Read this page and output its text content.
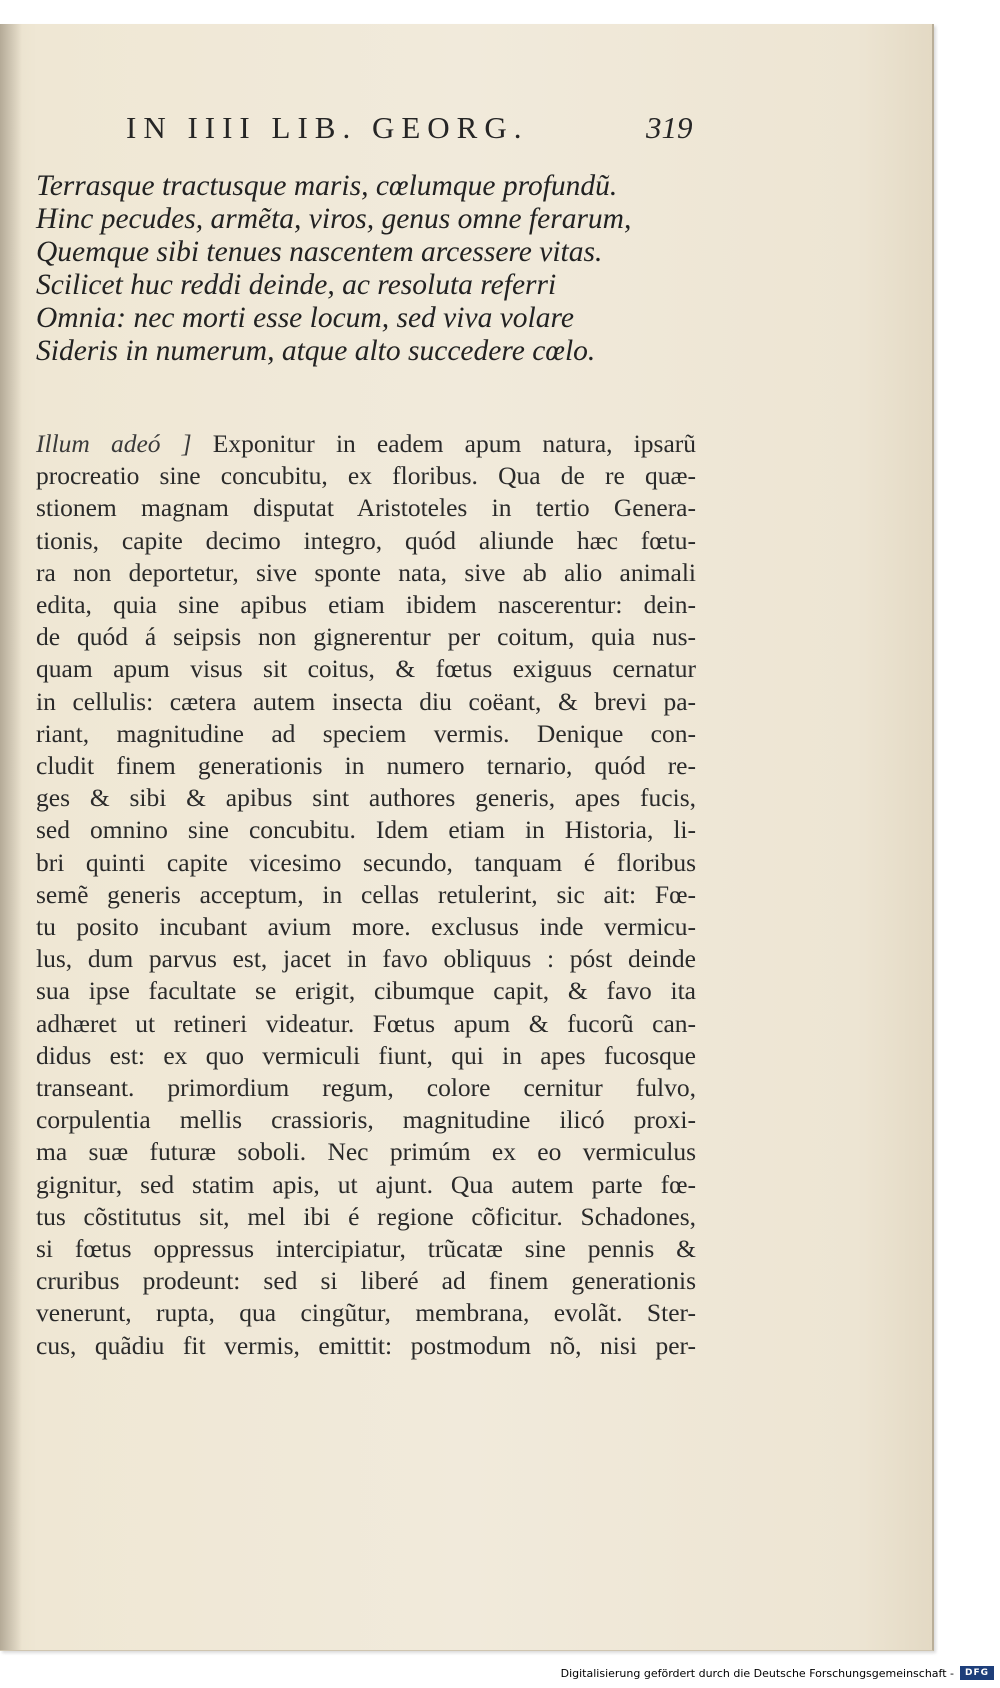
IN IIII LIB. GEORG.	319
Terrasque tractusque maris, cœlumque profundũ.
Hinc pecudes, armẽta, viros, genus omne ferarum,
Quemque sibi tenues nascentem arcessere vitas.
Scilicet huc reddi deinde, ac resoluta referri
Omnia: nec morti esse locum, sed viva volare
Sideris in numerum, atque alto succedere cœlo.
Illum adeó ] Exponitur in eadem apum natura, ipsarũ
procreatio sine concubitu, ex floribus. Qua de re quæ-
stionem magnam disputat Aristoteles in tertio Genera-
tionis, capite decimo integro, quód aliunde hæc fœtu-
ra non deportetur, sive sponte nata, sive ab alio animali
edita, quia sine apibus etiam ibidem nascerentur: dein-
de quód á seipsis non gignerentur per coitum, quia nus-
quam apum visus sit coitus, & fœtus exiguus cernatur
in cellulis: cætera autem insecta diu coëant, & brevi pa-
riant, magnitudine ad speciem vermis. Denique con-
cludit finem generationis in numero ternario, quód re-
ges & sibi & apibus sint authores generis, apes fucis,
sed omnino sine concubitu. Idem etiam in Historia, li-
bri quinti capite vicesimo secundo, tanquam é floribus
semẽ generis acceptum, in cellas retulerint, sic ait: Fœ-
tu posito incubant avium more. exclusus inde vermicu-
lus, dum parvus est, jacet in favo obliquus : póst deinde
sua ipse facultate se erigit, cibumque capit, & favo ita
adhæret ut retineri videatur. Fœtus apum & fucorũ can-
didus est: ex quo vermiculi fiunt, qui in apes fucosque
transeant. primordium regum, colore cernitur fulvo,
corpulentia mellis crassioris, magnitudine ilicó proxi-
ma suæ futuræ soboli. Nec primúm ex eo vermiculus
gignitur, sed statim apis, ut ajunt. Qua autem parte fœ-
tus cõstitutus sit, mel ibi é regione cõficitur. Schadones,
si fœtus oppressus intercipiatur, trũcatæ sine pennis &
cruribus prodeunt: sed si liberé ad finem generationis
venerunt, rupta, qua cingũtur, membrana, evolãt. Ster-
cus, quãdiu fit vermis, emittit: postmodum nõ, nisi per-
Digitalisierung gefördert durch die Deutsche Forschungsgemeinschaft -	DFG
